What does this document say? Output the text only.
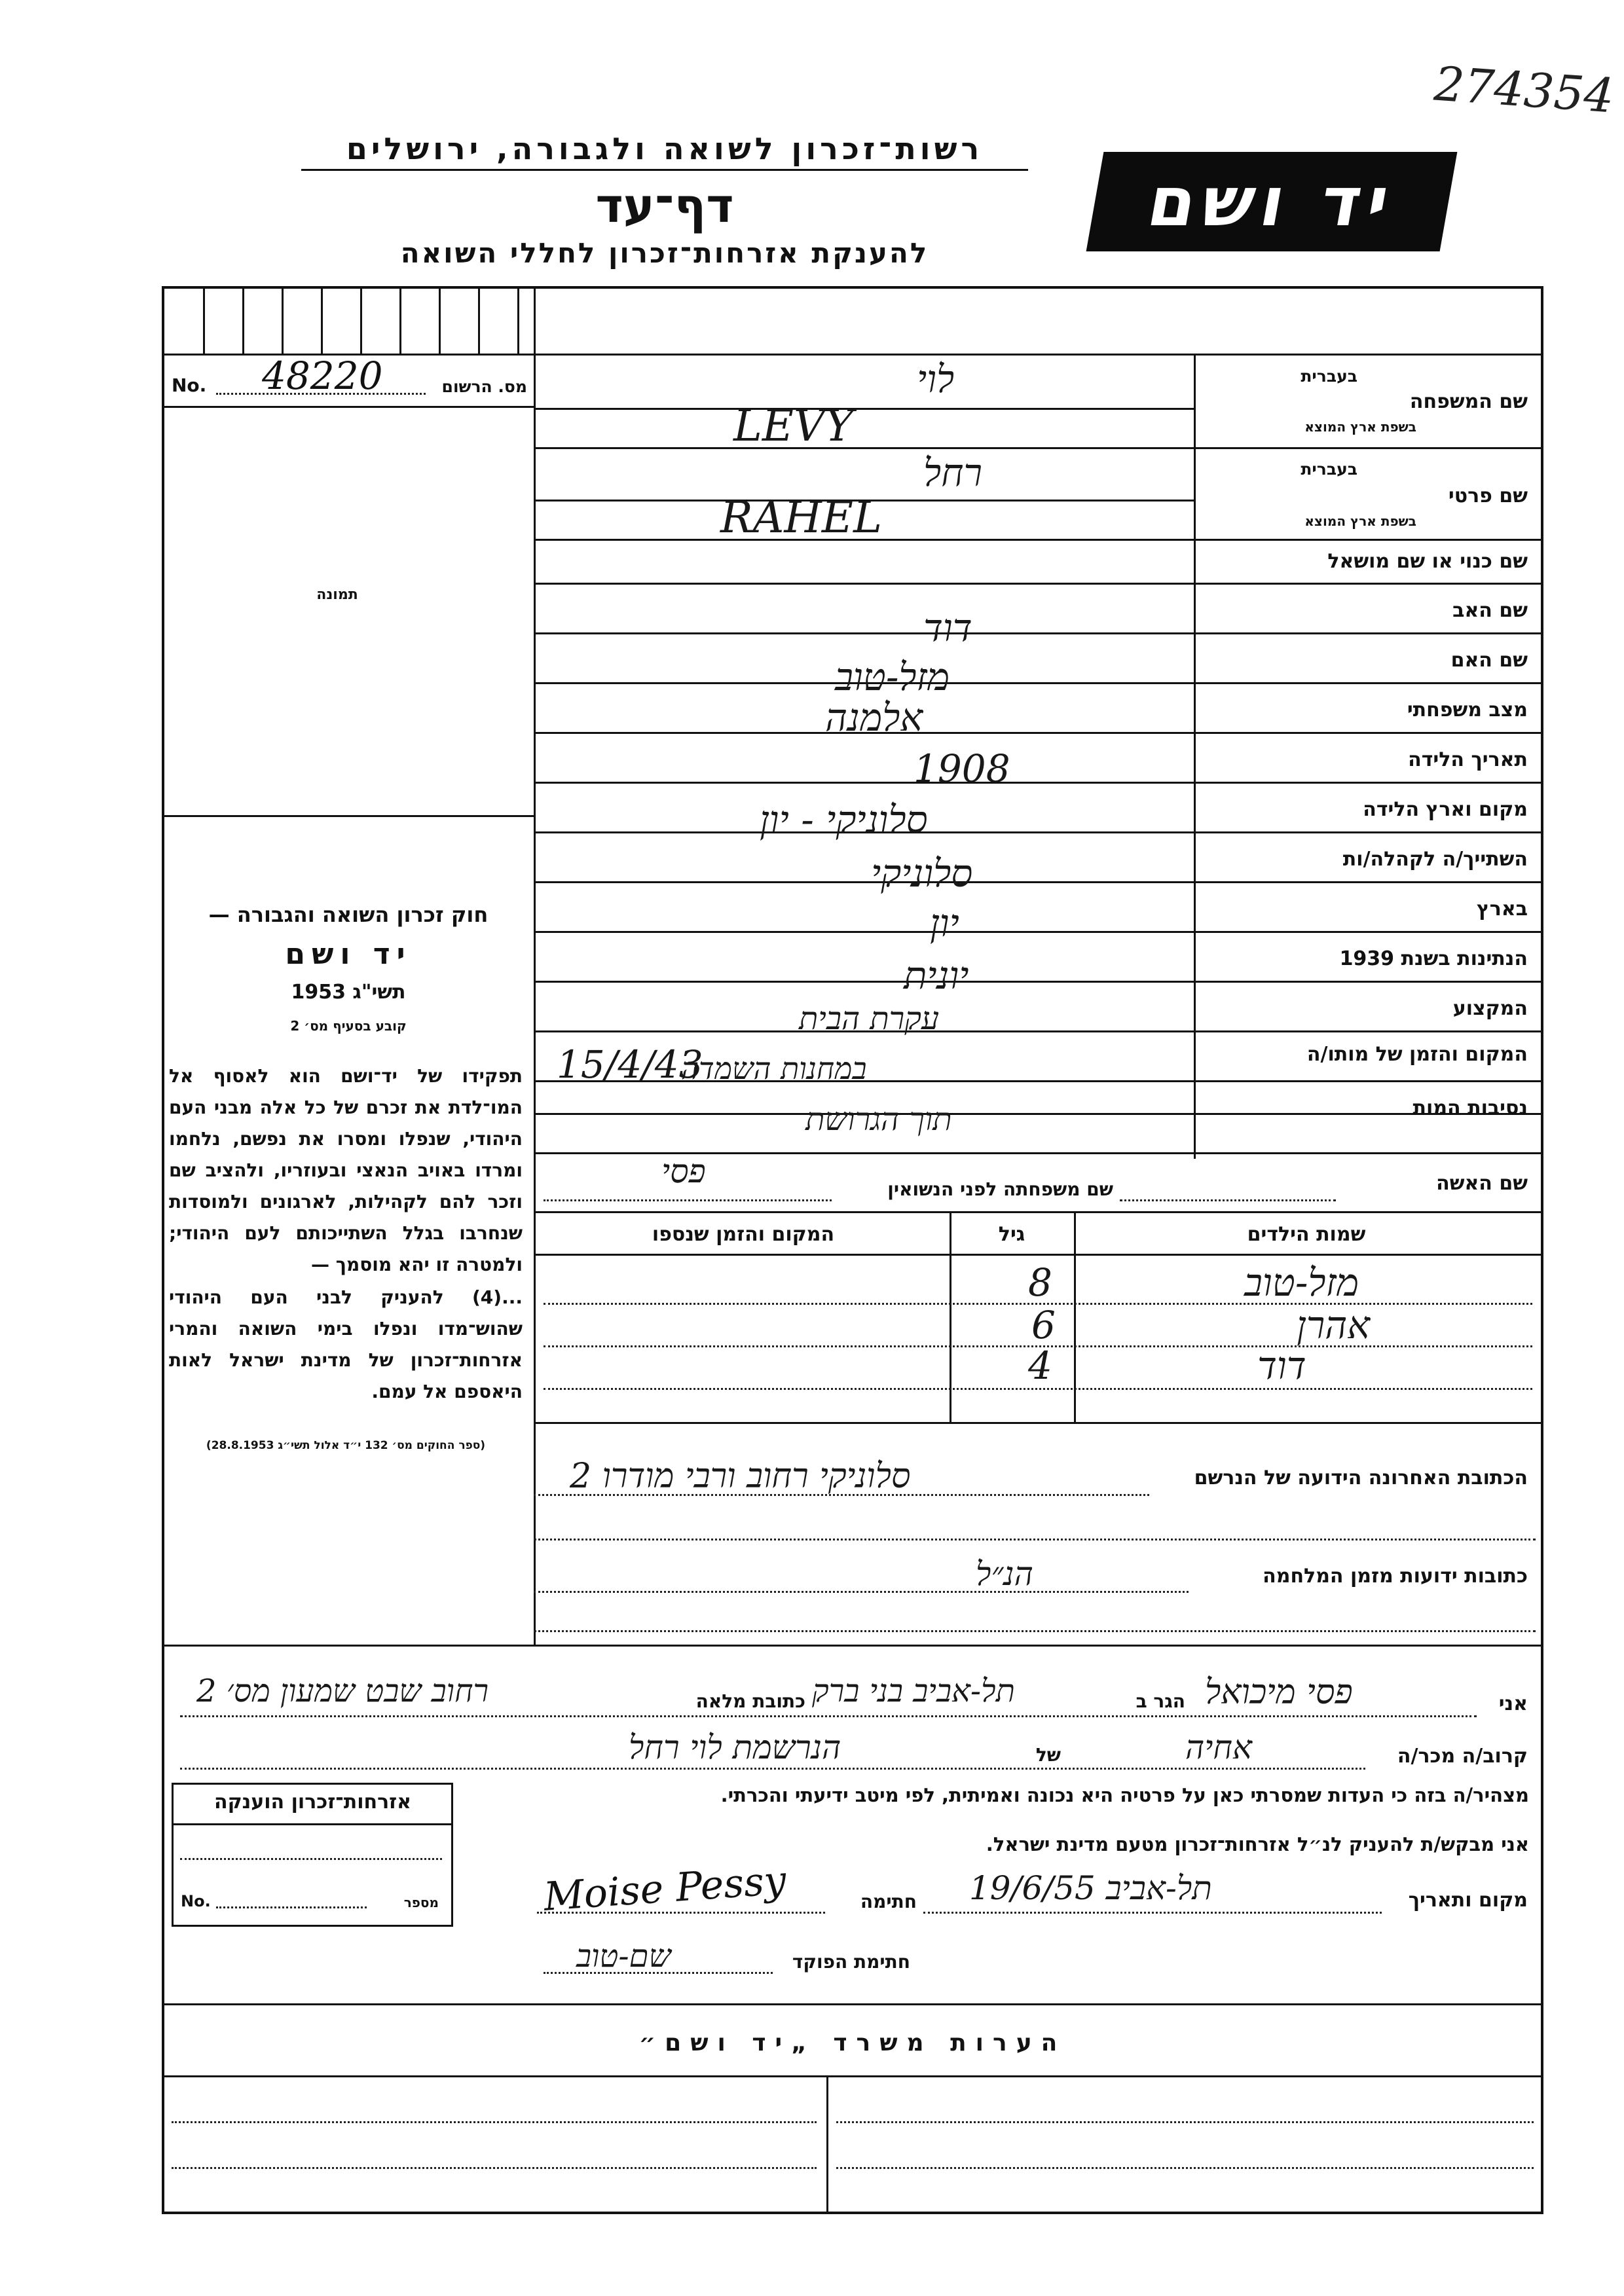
274354
רשות־זכרון לשואה ולגבורה, ירושלים
דף־עד
להענקת אזרחות־זכרון לחללי השואה
יד ושם
No. 48220	מס. הרשום
תמונה
חוק זכרון השואה והגבורה —
יד ושם
תשי"ג 1953
קובע בסעיף מס׳ 2
תפקידו של יד־ושם הוא לאסוף אל המו־לדת את זכרם של כל אלה מבני העם היהודי, שנפלו ומסרו את נפשם, נלחמו ומרדו באויב הנאצי ובעוזריו, ולהציב שם וזכר להם לקהילות, לארגונים ולמוסדות שנחרבו בגלל השתייכותם לעם היהודי; ולמטרה זו יהא מוסמך —
...(4) להעניק לבני העם היהודי שהוש־מדו ונפלו בימי השואה והמרי אזרחות־זכרון של מדינת ישראל לאות היאספם אל עמם.
(ספר החוקים מס׳ 132 י״ד אלול תשי״ג 28.8.1953)
שם המשפחה
בעברית
בשפת ארץ המוצא
לוי
LEVY
שם פרטי
בעברית
בשפת ארץ המוצא
רחל
RAHEL
שם כנוי או שם מושאל
שם האב
דוד
שם האם
מזל-טוב
מצב משפחתי
אלמנה
תאריך הלידה
1908
מקום וארץ הלידה
סלוניקי - יון
השתייך/ה לקהלה/ות
סלוניקי
בארץ
יון
הנתינות בשנת 1939
יונית
המקצוע
עקרת הבית
המקום והזמן של מותו/ה
במחנות השמדה
15/4/43
נסיבות המות
תוך הגרושת
שם האשה
שם משפחתה לפני הנשואין
פסי
שמות הילדים
גיל
המקום והזמן שנספו
מזל-טוב
8
אהרן
6
דוד
4
הכתובת האחרונה הידועה של הנרשם
סלוניקי רחוב ורבי מודרו 2
כתובות ידועות מזמן המלחמה
הנ״ל
אני
פסי מיכואל
הגר ב
תל-אביב בני ברק
כתובת מלאה
רחוב שבט שמעון מס׳ 2
קרוב/ה מכר/ה
אחיה
של
הנרשמת לוי רחל
מצהיר/ה בזה כי העדות שמסרתי כאן על פרטיה היא נכונה ואמיתית, לפי מיטב ידיעתי והכרתי.
אני מבקש/ת להעניק לנ״ל אזרחות־זכרון מטעם מדינת ישראל.
מקום ותאריך
תל-אביב 19/6/55
חתימה
Moise Pessy
חתימת הפוקד
שם-טוב
אזרחות־זכרון הוענקה
No.	מספר
הערות משרד „יד ושם״
